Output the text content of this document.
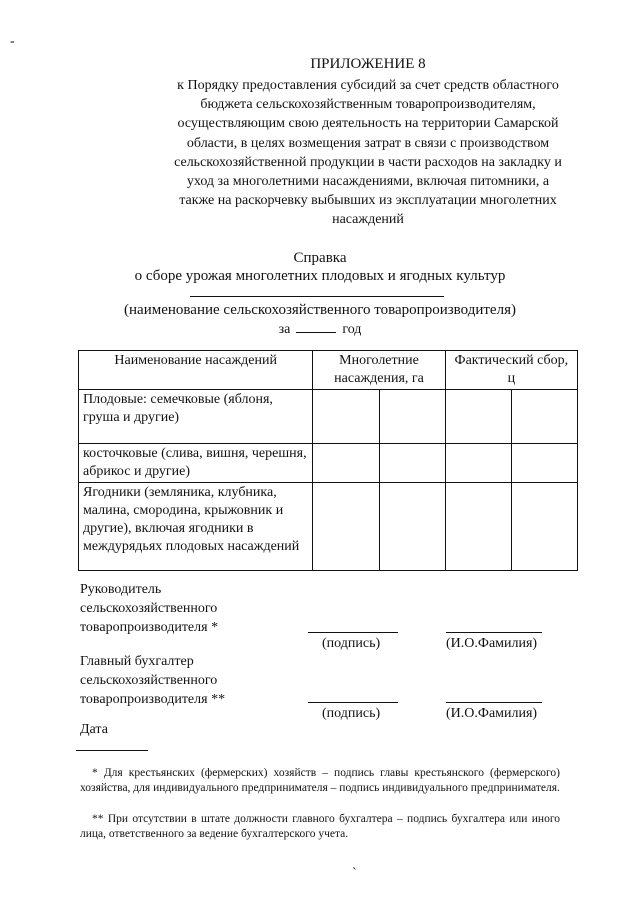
-
ПРИЛОЖЕНИЕ 8
к Порядку предоставления субсидий за счет средств областного бюджета сельскохозяйственным товаропроизводителям, осуществляющим свою деятельность на территории Самарской области, в целях возмещения затрат в связи с производством сельскохозяйственной продукции в части расходов на закладку и уход за многолетними насаждениями, включая питомники, а также на раскорчевку выбывших из эксплуатации многолетних насаждений
Справка
о сборе урожая многолетних плодовых и ягодных культур
(наименование сельскохозяйственного товаропроизводителя)
за	год
Наименование насаждений	Многолетние насаждения, га		Фактический сбор, ц	
Плодовые: семечковые (яблоня, груша и другие)				
косточковые (слива, вишня, черешня, абрикос и другие)				
Ягодники (земляника, клубника, малина, смородина, крыжовник и другие), включая ягодники в междурядьях плодовых насаждений				
Руководитель сельскохозяйственного товаропроизводителя *
(подпись)	(И.О.Фамилия)
Главный бухгалтер сельскохозяйственного товаропроизводителя **
(подпись)	(И.О.Фамилия)
Дата
* Для крестьянских (фермерских) хозяйств – подпись главы крестьянского (фермерского) хозяйства, для индивидуального предпринимателя – подпись индивидуального предпринимателя.
** При отсутствии в штате должности главного бухгалтера – подпись бухгалтера или иного лица, ответственного за ведение бухгалтерского учета.
`
